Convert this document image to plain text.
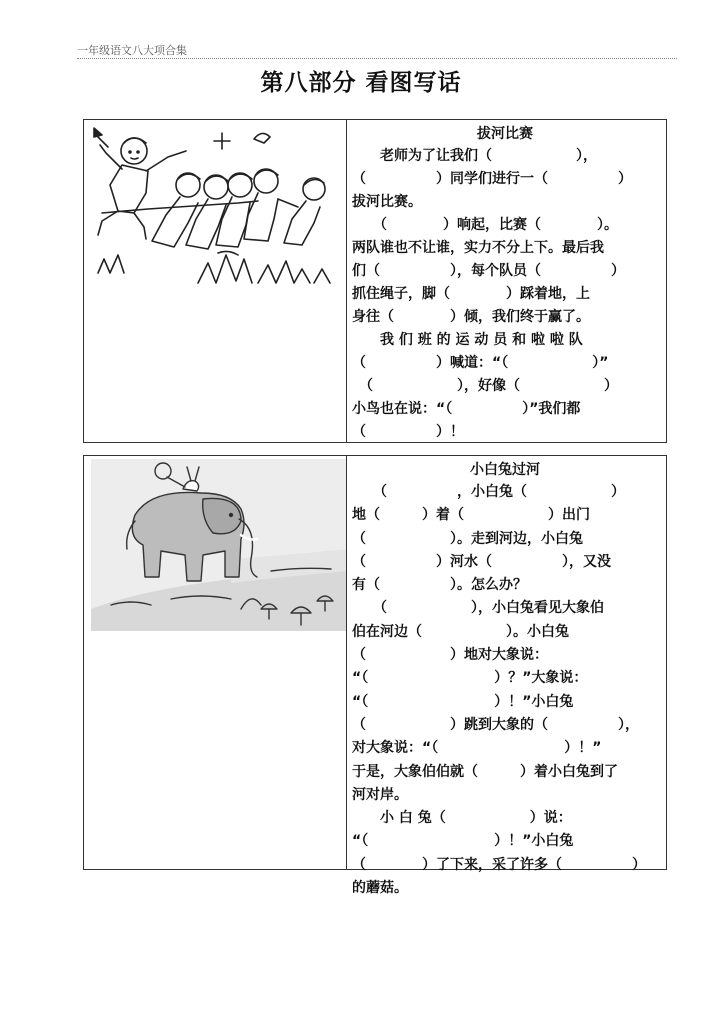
一年级语文八大项合集
第八部分 看图写话
拔河比赛
　　老师为了让我们（　　　　　　），
（　　　　　）同学们进行一（　　　　　）
拔河比赛。
　　（　　　　）响起，比赛（　　　　）。
两队谁也不让谁，实力不分上下。最后我
们（　　　　　），每个队员（　　　　　）
抓住绳子，脚（　　　　）踩着地，上
身往（　　　　）倾，我们终于赢了。
　　我 们 班 的 运 动 员 和 啦 啦 队
（　　　　　）喊道：“（　　　　　　）”
　（　　　　　　），好像（　　　　　　）
小鸟也在说：“（　　　　　）”我们都
（　　　　　）！
小白兔过河
　　（　　　　　，小白兔（　　　　　　）
地（　　　）着（　　　　　　）出门
（　　　　　　）。走到河边，小白兔
（　　　　　）河水（　　　　　），又没
有（　　　　　）。怎么办？
　　（　　　　　　），小白兔看见大象伯
伯在河边（　　　　　　）。小白兔
（　　　　　　）地对大象说：
“（　　　　　　　　　）？”大象说：
“（　　　　　　　　　）！”小白兔
（　　　　　　）跳到大象的（　　　　　），
对大象说：“（　　　　　　　　　）！”
于是，大象伯伯就（　　　）着小白兔到了
河对岸。
　　小 白 兔（　　　　　　）说：
“（　　　　　　　　　）！”小白兔
（　　　　）了下来，采了许多（　　　　　）
的蘑菇。
